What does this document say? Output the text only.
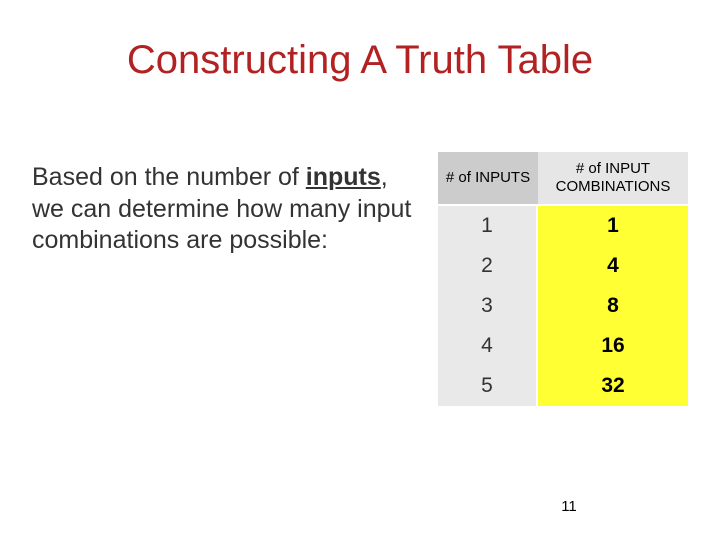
Constructing A Truth Table
Based on the number of inputs, we can determine how many input combinations are possible:
# of INPUTS	# of INPUT COMBINATIONS
1	1
2	4
3	8
4	16
5	32
11
